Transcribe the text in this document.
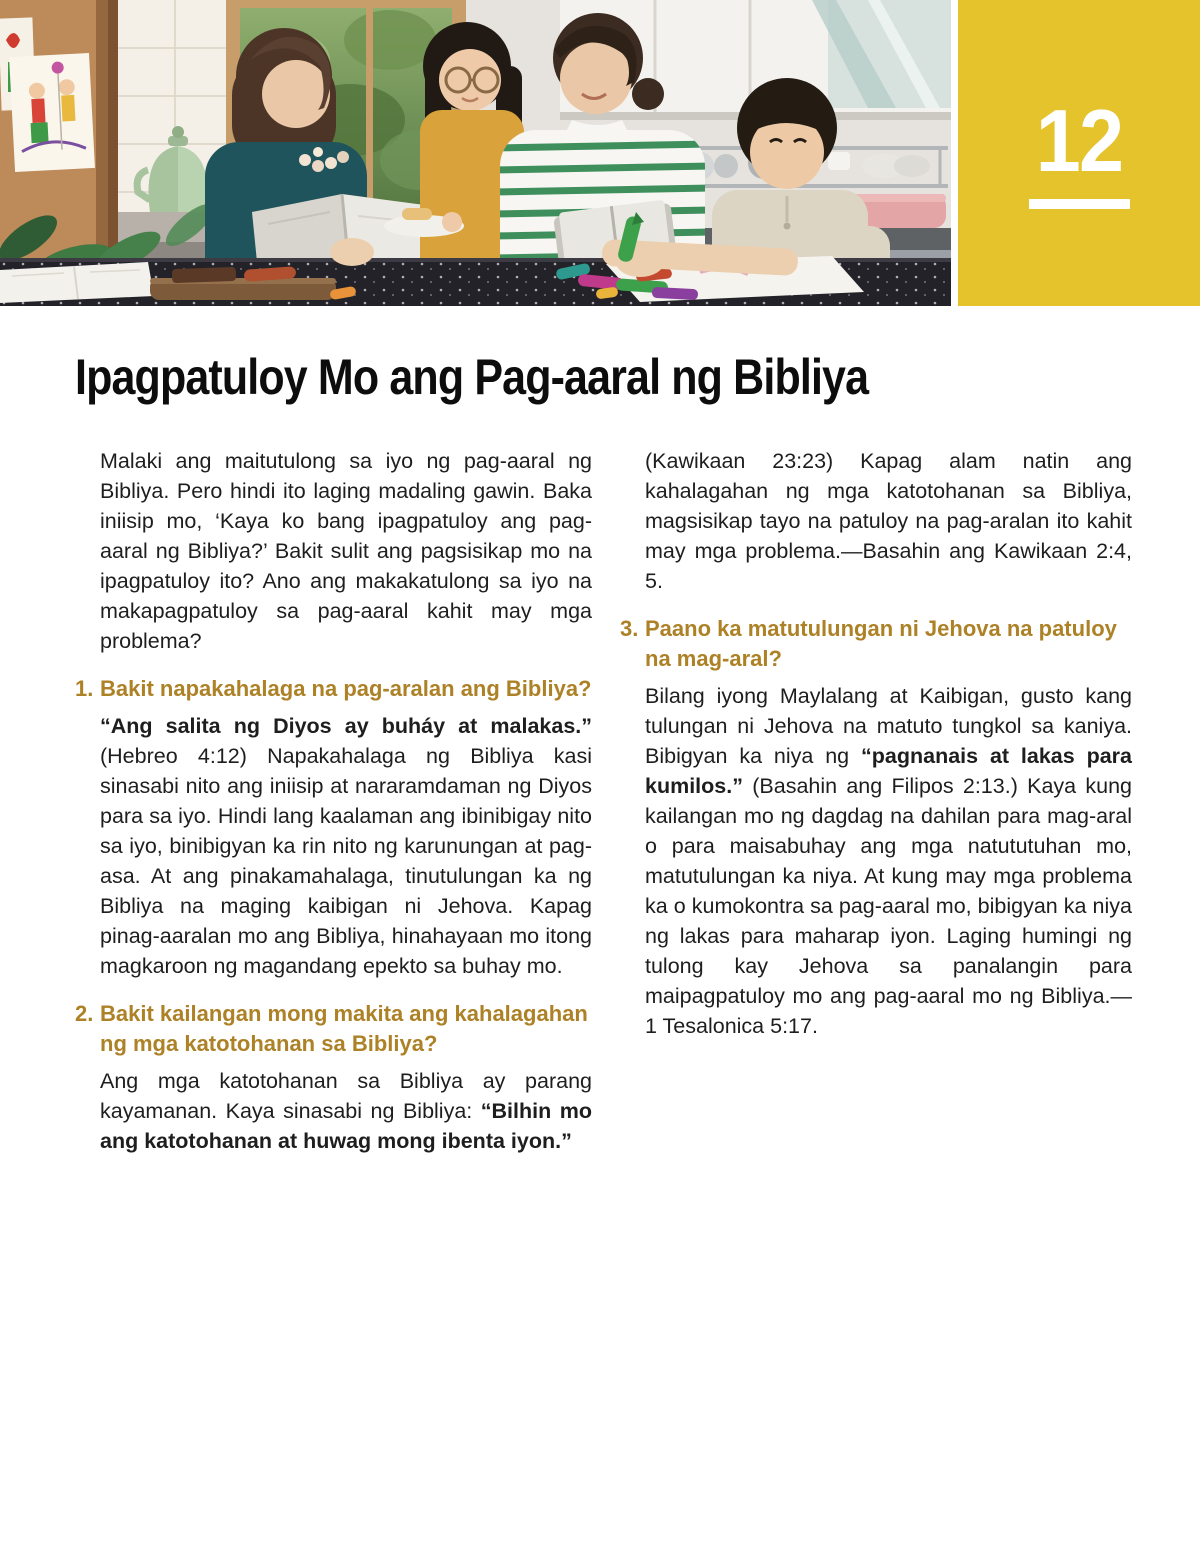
12
Ipagpatuloy Mo ang Pag-aaral ng Bibliya

Malaki ang maitutulong sa iyo ng pag-aaral ng Bibliya. Pero hindi ito laging madaling gawin. Baka iniisip mo, ‘Kaya ko bang ipagpatuloy ang pag-aaral ng Bibliya?’ Bakit sulit ang pagsisikap mo na ipagpatuloy ito? Ano ang makakatulong sa iyo na makapagpatuloy sa pag-aaral kahit may mga problema?

1. Bakit napakahalaga na pag-aralan ang Bibliya?

“Ang salita ng Diyos ay buháy at malakas.” (Hebreo 4:12) Napakahalaga ng Bibliya kasi sinasabi nito ang iniisip at nararamdaman ng Diyos para sa iyo. Hindi lang kaalaman ang ibinibigay nito sa iyo, binibigyan ka rin nito ng karunungan at pag-asa. At ang pinakamahalaga, tinutulungan ka ng Bibliya na maging kaibigan ni Jehova. Kapag pinag-aaralan mo ang Bibliya, hinahayaan mo itong magkaroon ng magandang epekto sa buhay mo.

2. Bakit kailangan mong makita ang kahalagahan ng mga katotohanan sa Bibliya?

Ang mga katotohanan sa Bibliya ay parang kayamanan. Kaya sinasabi ng Bibliya: “Bilhin mo ang katotohanan at huwag mong ibenta iyon.”

(Kawikaan 23:23) Kapag alam natin ang kahalagahan ng mga katotohanan sa Bibliya, magsisikap tayo na patuloy na pag-aralan ito kahit may mga problema.—Basahin ang Kawikaan 2:4, 5.

3. Paano ka matutulungan ni Jehova na patuloy na mag-aral?

Bilang iyong Maylalang at Kaibigan, gusto kang tulungan ni Jehova na matuto tungkol sa kaniya. Bibigyan ka niya ng “pagnanais at lakas para kumilos.” (Basahin ang Filipos 2:13.) Kaya kung kailangan mo ng dagdag na dahilan para mag-aral o para maisabuhay ang mga natututuhan mo, matutulungan ka niya. At kung may mga problema ka o kumokontra sa pag-aaral mo, bibigyan ka niya ng lakas para maharap iyon. Laging humingi ng tulong kay Jehova sa panalangin para maipagpatuloy mo ang pag-aaral mo ng Bibliya.—1 Tesalonica 5:17.
